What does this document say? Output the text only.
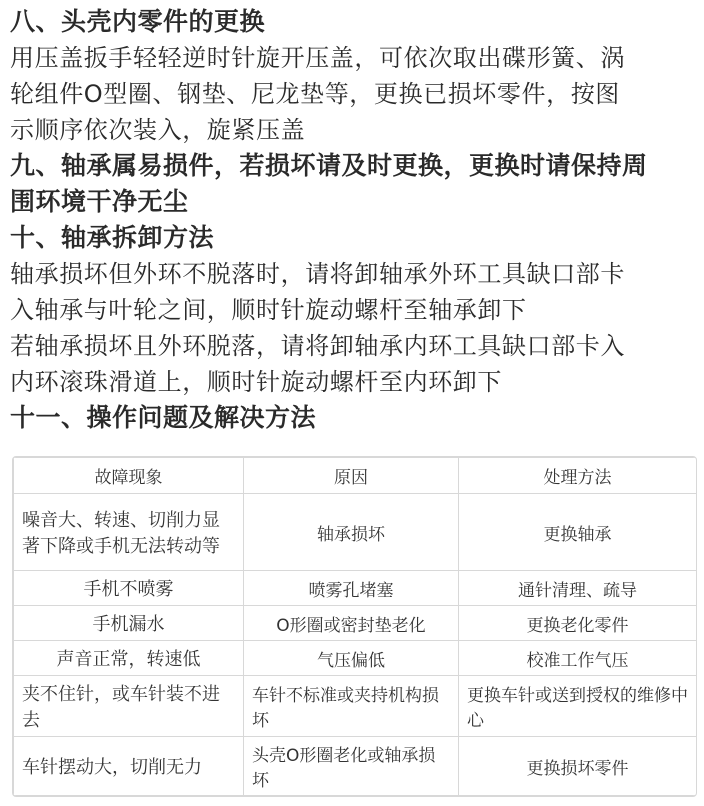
八、头壳内零件的更换
用压盖扳手轻轻逆时针旋开压盖，可依次取出碟形簧、涡
轮组件O型圈、钢垫、尼龙垫等，更换已损坏零件，按图
示顺序依次装入，旋紧压盖
九、轴承属易损件，若损坏请及时更换，更换时请保持周
围环境干净无尘
十、轴承拆卸方法
轴承损坏但外环不脱落时，请将卸轴承外环工具缺口部卡
入轴承与叶轮之间，顺时针旋动螺杆至轴承卸下
若轴承损坏且外环脱落，请将卸轴承内环工具缺口部卡入
内环滚珠滑道上，顺时针旋动螺杆至内环卸下
十一、操作问题及解决方法
故障现象	原因	处理方法
噪音大、转速、切削力显著下降或手机无法转动等	轴承损坏	更换轴承
手机不喷雾	喷雾孔堵塞	通针清理、疏导
手机漏水	O形圈或密封垫老化	更换老化零件
声音正常，转速低	气压偏低	校准工作气压
夹不住针，或车针装不进去	车针不标准或夹持机构损坏	更换车针或送到授权的维修中心
车针摆动大，切削无力	头壳O形圈老化或轴承损坏	更换损坏零件
